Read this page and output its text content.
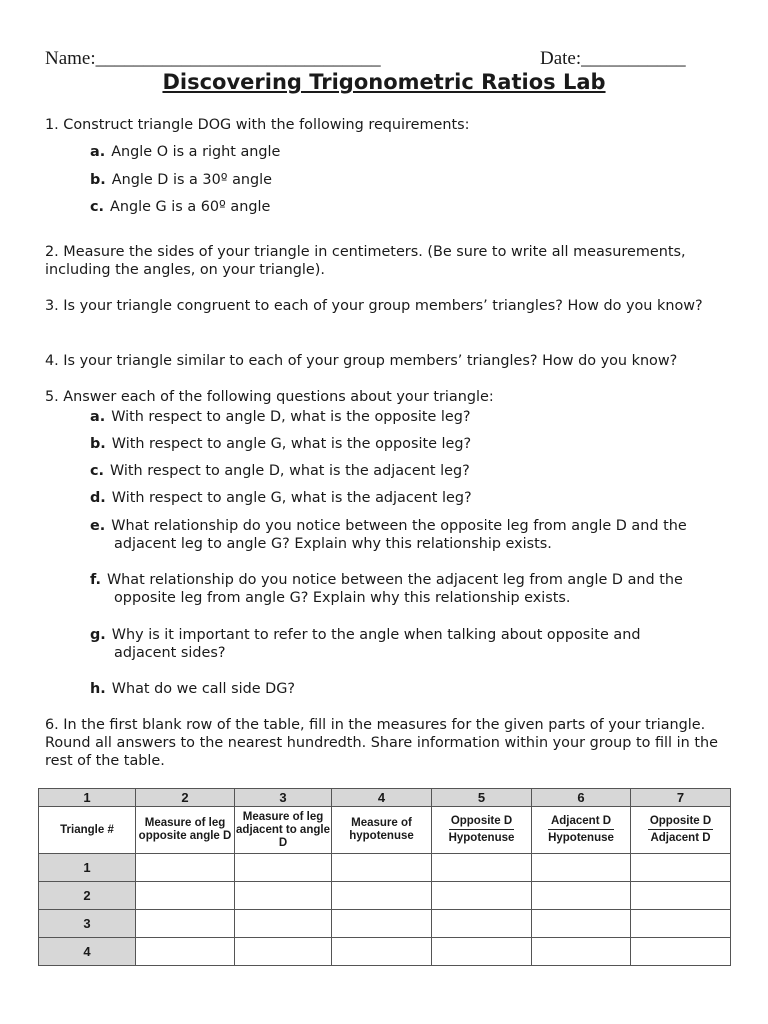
Name:______________________________	Date:___________
Discovering Trigonometric Ratios Lab
1. Construct triangle DOG with the following requirements:
a. Angle O is a right angle
b. Angle D is a 30º angle
c. Angle G is a 60º angle
2. Measure the sides of your triangle in centimeters. (Be sure to write all measurements, including the angles, on your triangle).
3. Is your triangle congruent to each of your group members’ triangles? How do you know?
4. Is your triangle similar to each of your group members’ triangles? How do you know?
5. Answer each of the following questions about your triangle:
a. With respect to angle D, what is the opposite leg?
b. With respect to angle G, what is the opposite leg?
c. With respect to angle D, what is the adjacent leg?
d. With respect to angle G, what is the adjacent leg?
e. What relationship do you notice between the opposite leg from angle D and the
adjacent leg to angle G? Explain why this relationship exists.
f. What relationship do you notice between the adjacent leg from angle D and the
opposite leg from angle G? Explain why this relationship exists.
g. Why is it important to refer to the angle when talking about opposite and
adjacent sides?
h. What do we call side DG?
6. In the first blank row of the table, fill in the measures for the given parts of your triangle. Round all answers to the nearest hundredth. Share information within your group to fill in the rest of the table.
1	2	3	4	5	6	7
Triangle #	Measure of leg opposite angle D	Measure of leg adjacent to angle D	Measure of hypotenuse	$\frac{\text{Opposite D}}{\text{Hypotenuse}}$	$\frac{\text{Adjacent D}}{\text{Hypotenuse}}$	$\frac{\text{Opposite D}}{\text{Adjacent D}}$

1						
2						
3						
4						
